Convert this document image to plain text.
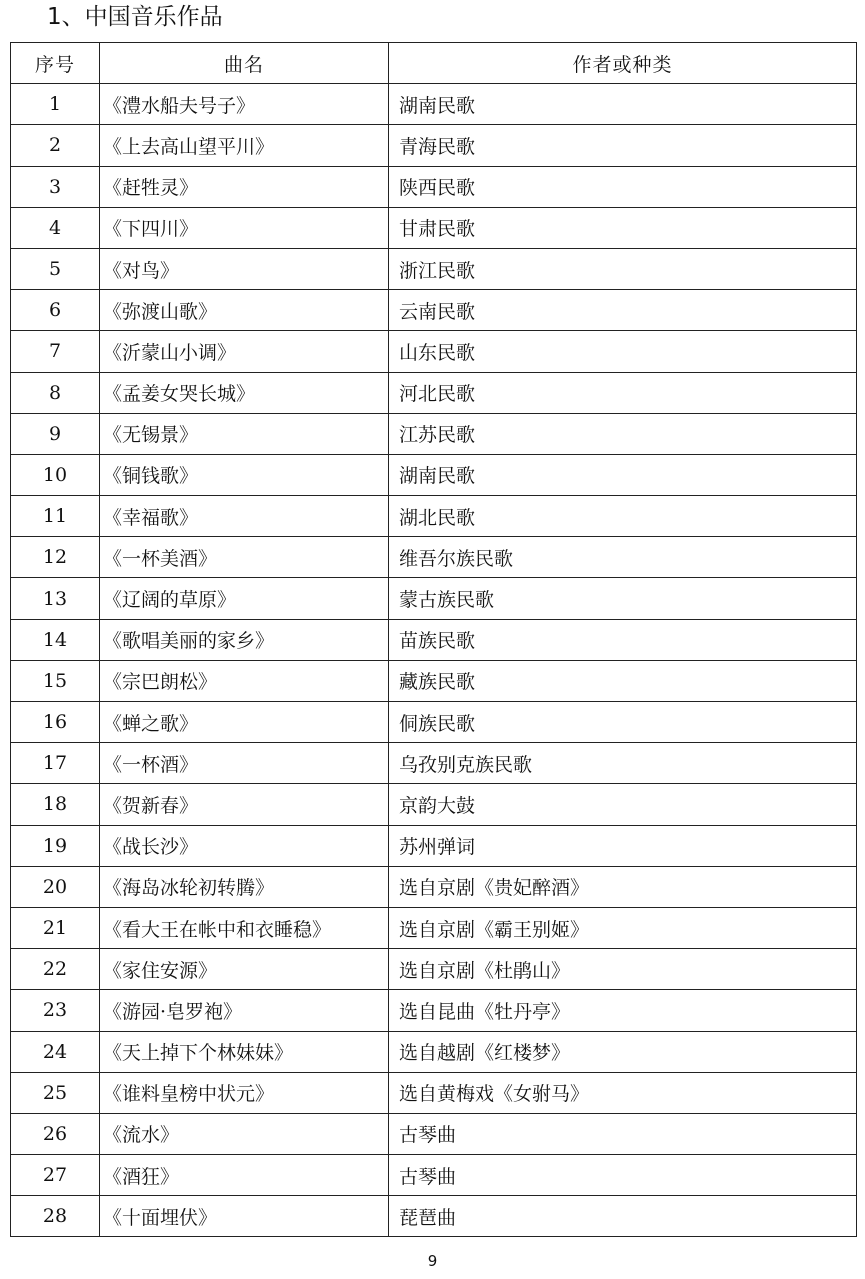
1、中国音乐作品
序号	曲名	作者或种类
1	《澧水船夫号子》	湖南民歌
2	《上去高山望平川》	青海民歌
3	《赶牲灵》	陕西民歌
4	《下四川》	甘肃民歌
5	《对鸟》	浙江民歌
6	《弥渡山歌》	云南民歌
7	《沂蒙山小调》	山东民歌
8	《孟姜女哭长城》	河北民歌
9	《无锡景》	江苏民歌
10	《铜钱歌》	湖南民歌
11	《幸福歌》	湖北民歌
12	《一杯美酒》	维吾尔族民歌
13	《辽阔的草原》	蒙古族民歌
14	《歌唱美丽的家乡》	苗族民歌
15	《宗巴朗松》	藏族民歌
16	《蝉之歌》	侗族民歌
17	《一杯酒》	乌孜别克族民歌
18	《贺新春》	京韵大鼓
19	《战长沙》	苏州弹词
20	《海岛冰轮初转腾》	选自京剧《贵妃醉酒》
21	《看大王在帐中和衣睡稳》	选自京剧《霸王别姬》
22	《家住安源》	选自京剧《杜鹃山》
23	《游园·皂罗袍》	选自昆曲《牡丹亭》
24	《天上掉下个林妹妹》	选自越剧《红楼梦》
25	《谁料皇榜中状元》	选自黄梅戏《女驸马》
26	《流水》	古琴曲
27	《酒狂》	古琴曲
28	《十面埋伏》	琵琶曲
9
